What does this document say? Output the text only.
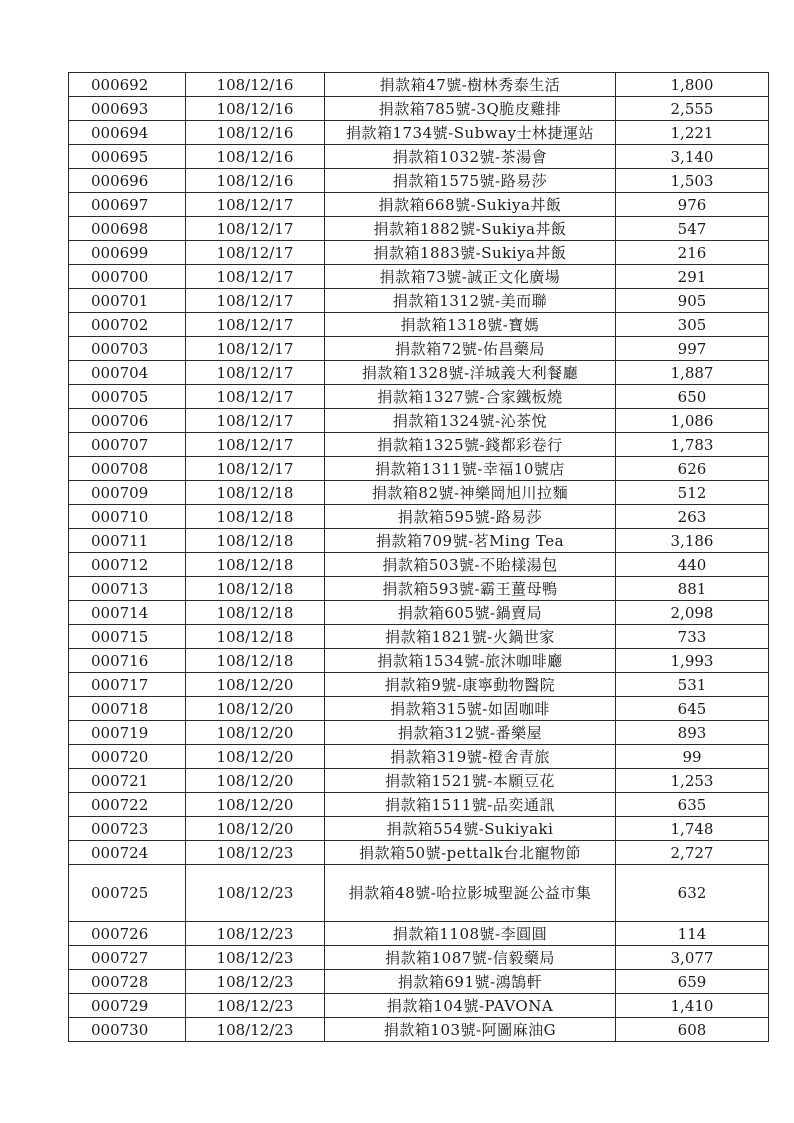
000692	108/12/16	捐款箱47號-樹林秀泰生活	1,800
000693	108/12/16	捐款箱785號-3Q脆皮雞排	2,555
000694	108/12/16	捐款箱1734號-Subway士林捷運站	1,221
000695	108/12/16	捐款箱1032號-茶湯會	3,140
000696	108/12/16	捐款箱1575號-路易莎	1,503
000697	108/12/17	捐款箱668號-Sukiya丼飯	976
000698	108/12/17	捐款箱1882號-Sukiya丼飯	547
000699	108/12/17	捐款箱1883號-Sukiya丼飯	216
000700	108/12/17	捐款箱73號-誠正文化廣場	291
000701	108/12/17	捐款箱1312號-美而聯	905
000702	108/12/17	捐款箱1318號-寶媽	305
000703	108/12/17	捐款箱72號-佑昌藥局	997
000704	108/12/17	捐款箱1328號-洋城義大利餐廳	1,887
000705	108/12/17	捐款箱1327號-合家鐵板燒	650
000706	108/12/17	捐款箱1324號-沁茶悅	1,086
000707	108/12/17	捐款箱1325號-錢都彩卷行	1,783
000708	108/12/17	捐款箱1311號-幸福10號店	626
000709	108/12/18	捐款箱82號-神樂岡旭川拉麵	512
000710	108/12/18	捐款箱595號-路易莎	263
000711	108/12/18	捐款箱709號-茗Ming Tea	3,186
000712	108/12/18	捐款箱503號-不貽樣湯包	440
000713	108/12/18	捐款箱593號-霸王薑母鴨	881
000714	108/12/18	捐款箱605號-鍋賣局	2,098
000715	108/12/18	捐款箱1821號-火鍋世家	733
000716	108/12/18	捐款箱1534號-旅沐咖啡廳	1,993
000717	108/12/20	捐款箱9號-康寧動物醫院	531
000718	108/12/20	捐款箱315號-如固咖啡	645
000719	108/12/20	捐款箱312號-番樂屋	893
000720	108/12/20	捐款箱319號-橙舍青旅	99
000721	108/12/20	捐款箱1521號-本願豆花	1,253
000722	108/12/20	捐款箱1511號-品奕通訊	635
000723	108/12/20	捐款箱554號-Sukiyaki	1,748
000724	108/12/23	捐款箱50號-pettalk台北寵物節	2,727
000725	108/12/23	捐款箱48號-哈拉影城聖誕公益市集	632
000726	108/12/23	捐款箱1108號-李圓圓	114
000727	108/12/23	捐款箱1087號-信毅藥局	3,077
000728	108/12/23	捐款箱691號-鴻鵠軒	659
000729	108/12/23	捐款箱104號-PAVONA	1,410
000730	108/12/23	捐款箱103號-阿圖麻油G	608
